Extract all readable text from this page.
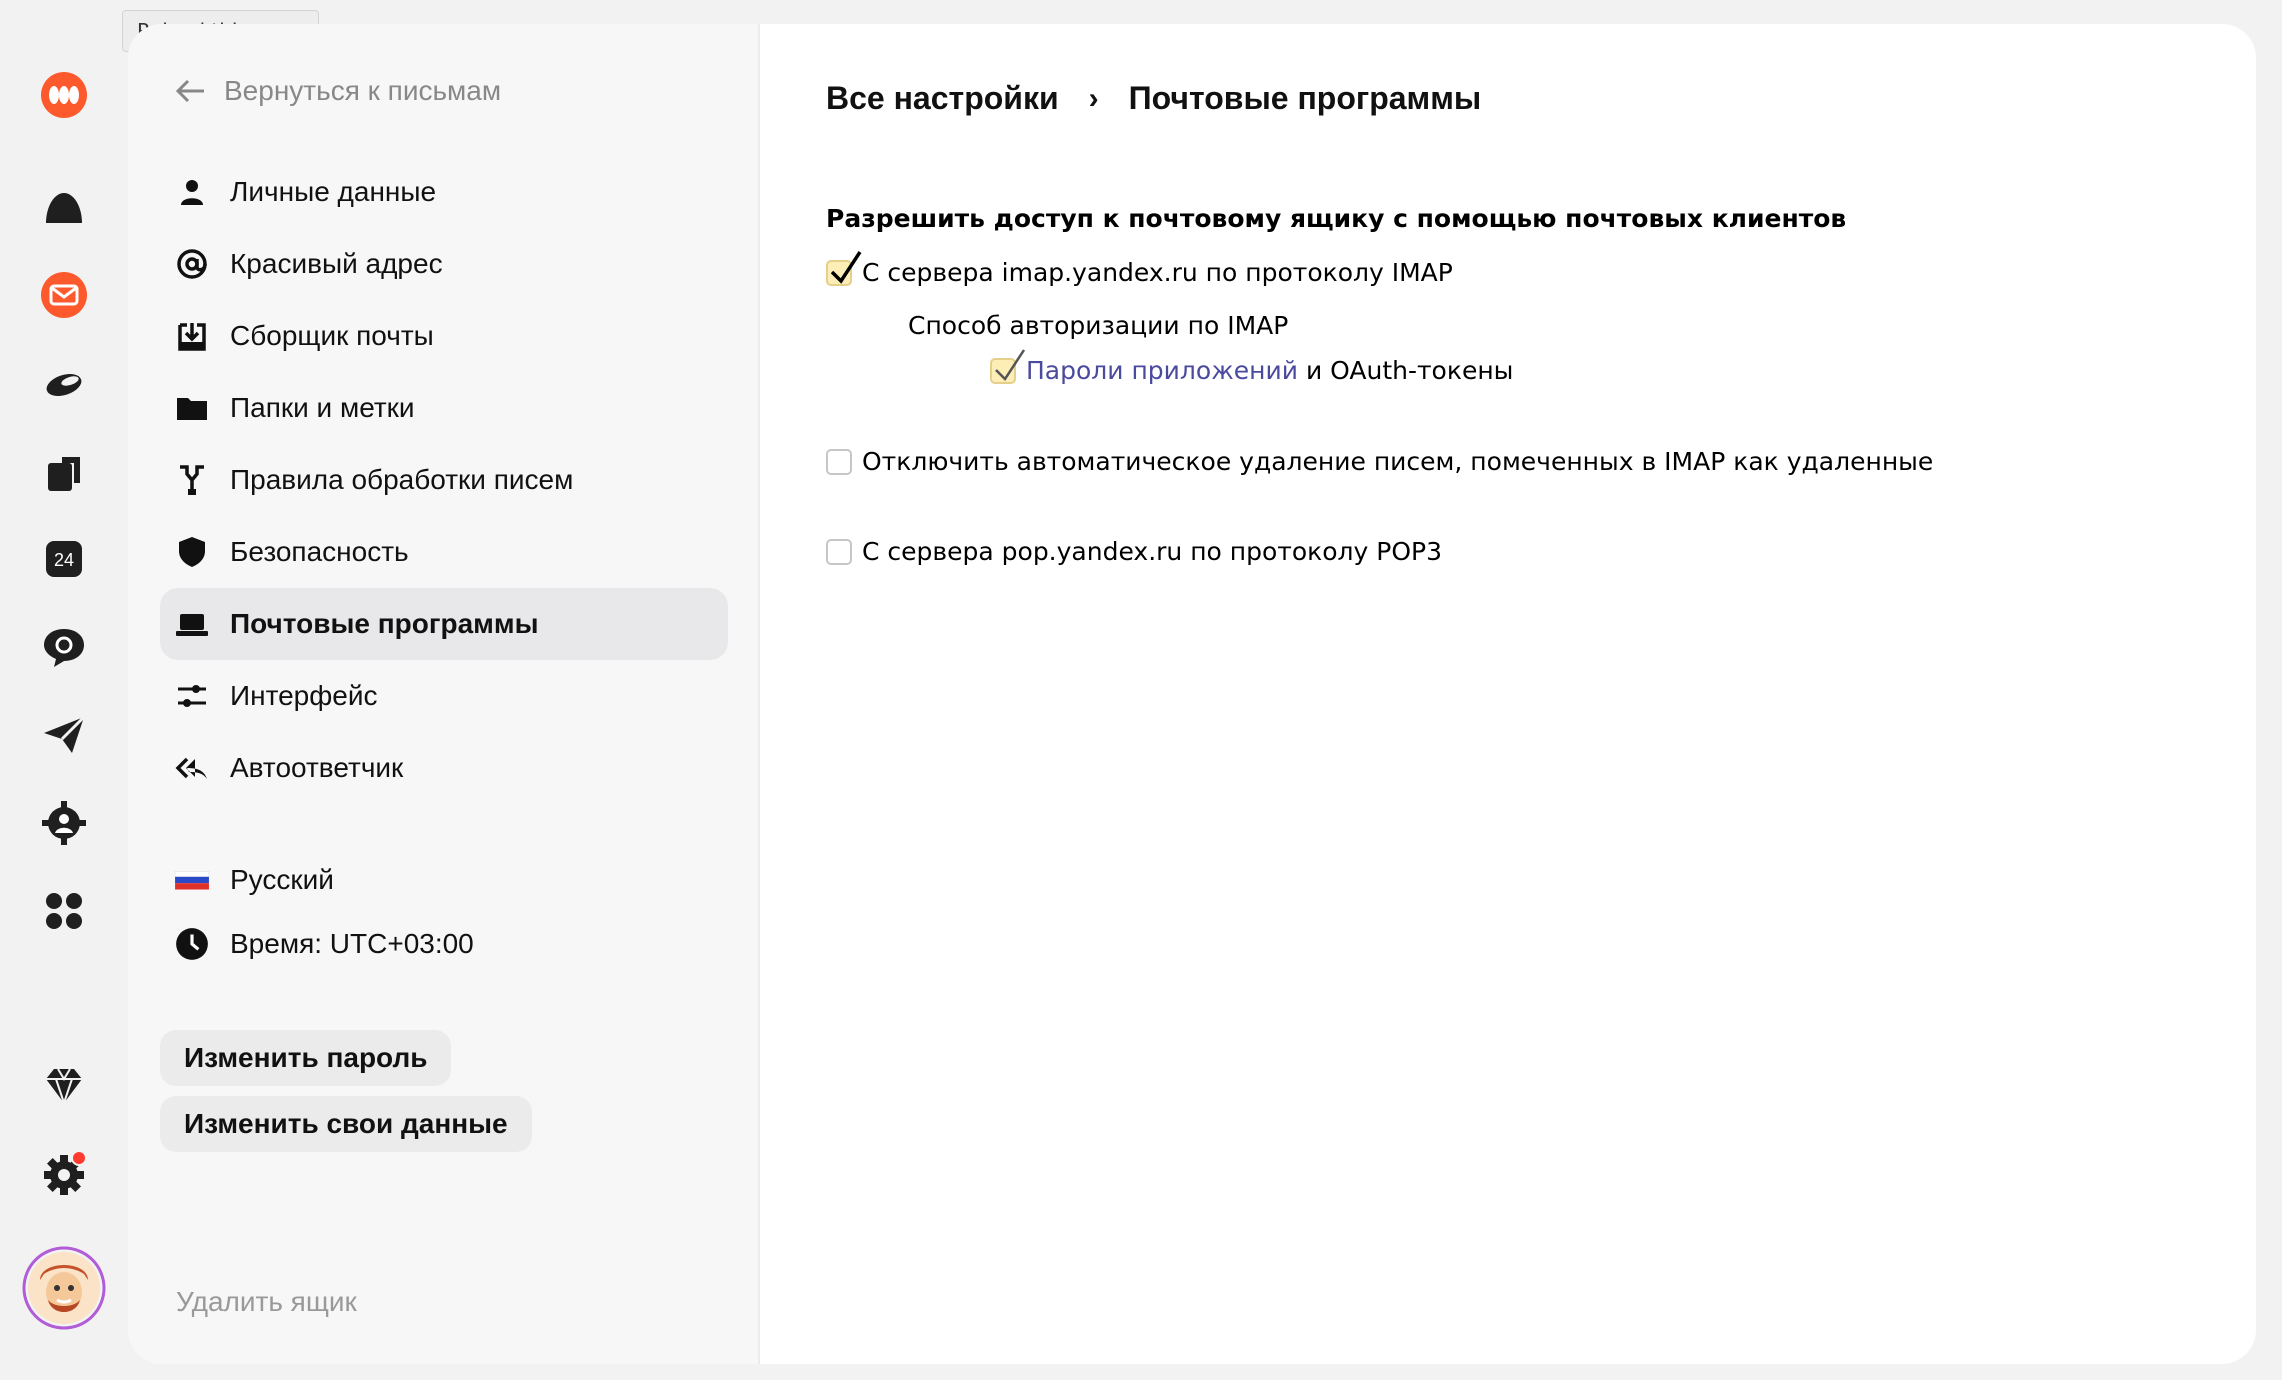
24
Вернуться к письмам
Личные данные
Красивый адрес
Сборщик почты
Папки и метки
Правила обработки писем
Безопасность
Почтовые программы
Интерфейс
Автоответчик
Русский
Время: UTC+03:00
Изменить пароль
Изменить свои данные
Удалить ящик
Все настройки › Почтовые программы
Разрешить доступ к почтовому ящику с помощью почтовых клиентов
С сервера imap.yandex.ru по протоколу IMAP
Способ авторизации по IMAP
Пароли приложений и OAuth-токены
Отключить автоматическое удаление писем, помеченных в IMAP как удаленные
С сервера pop.yandex.ru по протоколу POP3
